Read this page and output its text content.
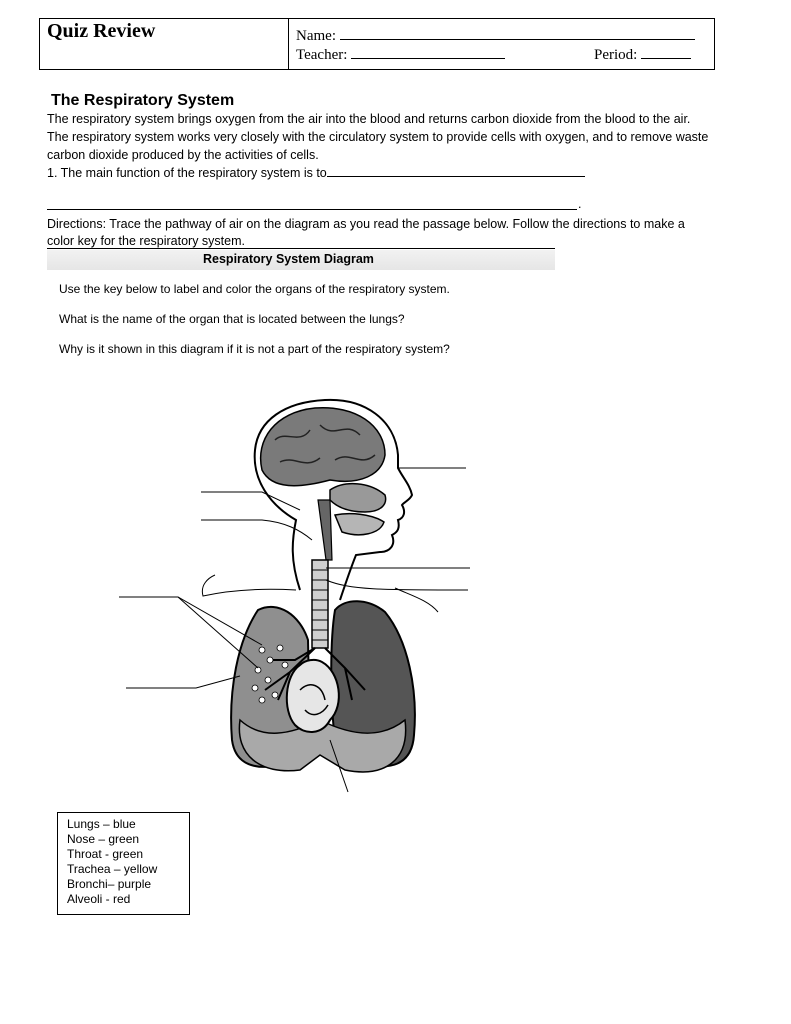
Quiz Review	Name:
Teacher:	Period:
The Respiratory System
The respiratory system brings oxygen from the air into the blood and returns carbon dioxide from the blood to the air.
The respiratory system works very closely with the circulatory system to provide cells with oxygen, and to remove waste
carbon dioxide produced by the activities of cells.
1. The main function of the respiratory system is to
.
Directions: Trace the pathway of air on the diagram as you read the passage below. Follow the directions to make a
color key for the respiratory system.
Respiratory System Diagram
Use the key below to label and color the organs of the respiratory system.
What is the name of the organ that is located between the lungs?
Why is it shown in this diagram if it is not a part of the respiratory system?
Lungs – blue
Nose – green
Throat - green
Trachea – yellow
Bronchi– purple
Alveoli - red
